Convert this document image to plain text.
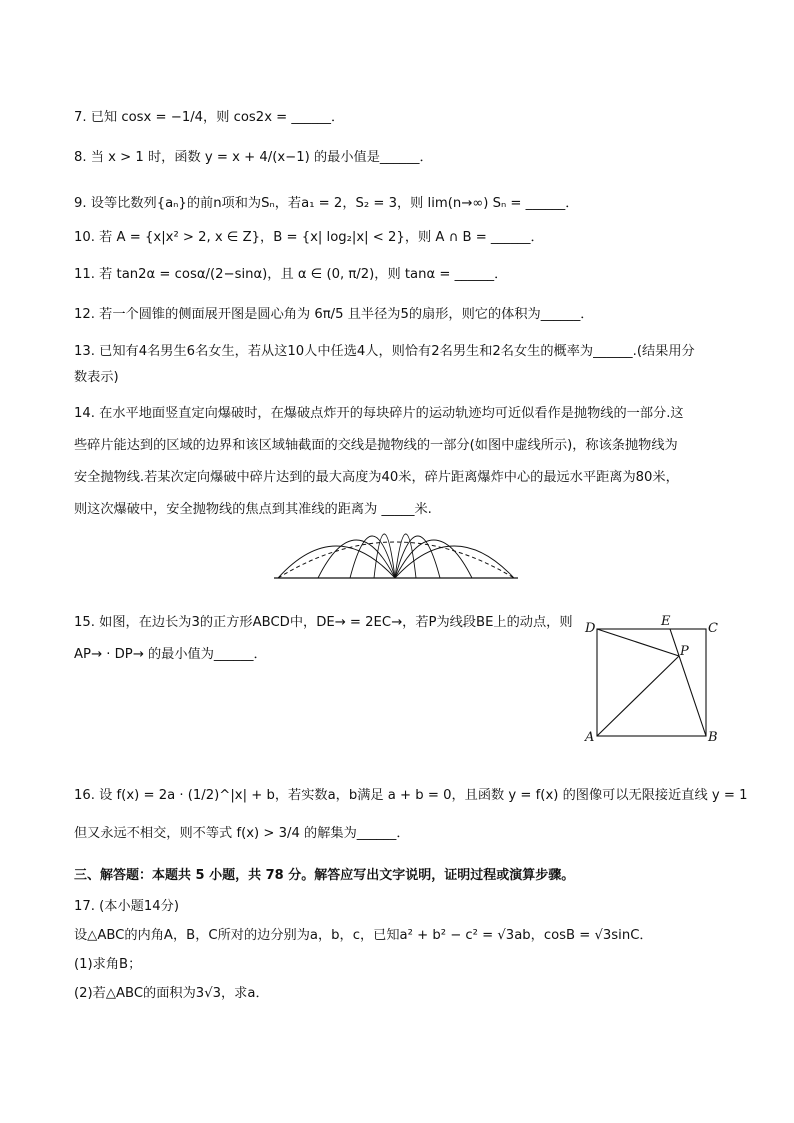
7. 已知 cosx = −1/4，则 cos2x = ______．
8. 当 x > 1 时，函数 y = x + 4/(x−1) 的最小值是______．
9. 设等比数列{aₙ}的前n项和为Sₙ，若a₁ = 2，S₂ = 3，则 lim(n→∞) Sₙ = ______．
10. 若 A = {x|x² > 2, x ∈ Z}，B = {x| log₂|x| < 2}，则 A ∩ B = ______．
11. 若 tan2α = cosα/(2−sinα)，且 α ∈ (0, π/2)，则 tanα = ______．
12. 若一个圆锥的侧面展开图是圆心角为 6π/5 且半径为5的扇形，则它的体积为______．
13. 已知有4名男生6名女生，若从这10人中任选4人，则恰有2名男生和2名女生的概率为______.(结果用分
数表示)
14. 在水平地面竖直定向爆破时，在爆破点炸开的每块碎片的运动轨迹均可近似看作是抛物线的一部分.这
些碎片能达到的区域的边界和该区域轴截面的交线是抛物线的一部分(如图中虚线所示)，称该条抛物线为
安全抛物线.若某次定向爆破中碎片达到的最大高度为40米，碎片距离爆炸中心的最远水平距离为80米，
则这次爆破中，安全抛物线的焦点到其准线的距离为 _____米.
15. 如图，在边长为3的正方形ABCD中，DE→ = 2EC→，若P为线段BE上的动点，则
AP→ · DP→ 的最小值为______．
D	E	C
P
A	B
16. 设 f(x) = 2a · (1/2)^|x| + b，若实数a，b满足 a + b = 0，且函数 y = f(x) 的图像可以无限接近直线 y = 1
但又永远不相交，则不等式 f(x) > 3/4 的解集为______．
三、解答题：本题共 5 小题，共 78 分。解答应写出文字说明，证明过程或演算步骤。
17. (本小题14分)
设△ABC的内角A，B，C所对的边分别为a，b，c，已知a² + b² − c² = √3ab，cosB = √3sinC．
(1)求角B；
(2)若△ABC的面积为3√3，求a．
